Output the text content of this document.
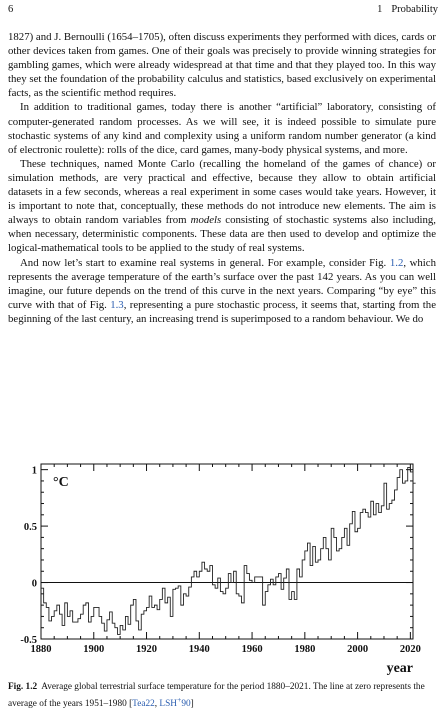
6	1 Probability

1827) and J. Bernoulli (1654–1705), often discuss experiments they performed with dices, cards or other devices taken from games. One of their goals was precisely to provide winning strategies for gambling games, which were already widespread at that time and that they played too. In this way they set the foundation of the probability calculus and statistics, based exclusively on experimental facts, as the scientific method requires.

In addition to traditional games, today there is another “artificial” laboratory, consisting of computer-generated random processes. As we will see, it is indeed possible to simulate pure stochastic systems of any kind and complexity using a uniform random number generator (a kind of electronic roulette): rolls of the dice, card games, many-body physical systems, and more.

These techniques, named Monte Carlo (recalling the homeland of the games of chance) or simulation methods, are very practical and effective, because they allow to obtain artificial datasets in a few seconds, whereas a real experiment in some cases would take years. However, it is important to note that, conceptually, these methods do not introduce new elements. The aim is always to obtain random variables from models consisting of stochastic systems also including, when necessary, deterministic components. These data are then used to develop and optimize the logical-mathematical tools to be applied to the study of real systems.

And now let’s start to examine real systems in general. For example, consider Fig. 1.2, which represents the average temperature of the earth’s surface over the past 142 years. As you can well imagine, our future depends on the trend of this curve in the next years. Comparing “by eye” this curve with that of Fig. 1.3, representing a pure stochastic process, it seems that, starting from the beginning of the last century, an increasing trend is superimposed to a random behaviour. We do

1880	1900	1920	1940	1960	1980	2000	2020
-0.5
0
0.5
1
°C
year
Fig. 1.2 Average global terrestrial surface temperature for the period 1880–2021. The line at zero represents the average of the years 1951–1980 [Tea22, LSH+90]
